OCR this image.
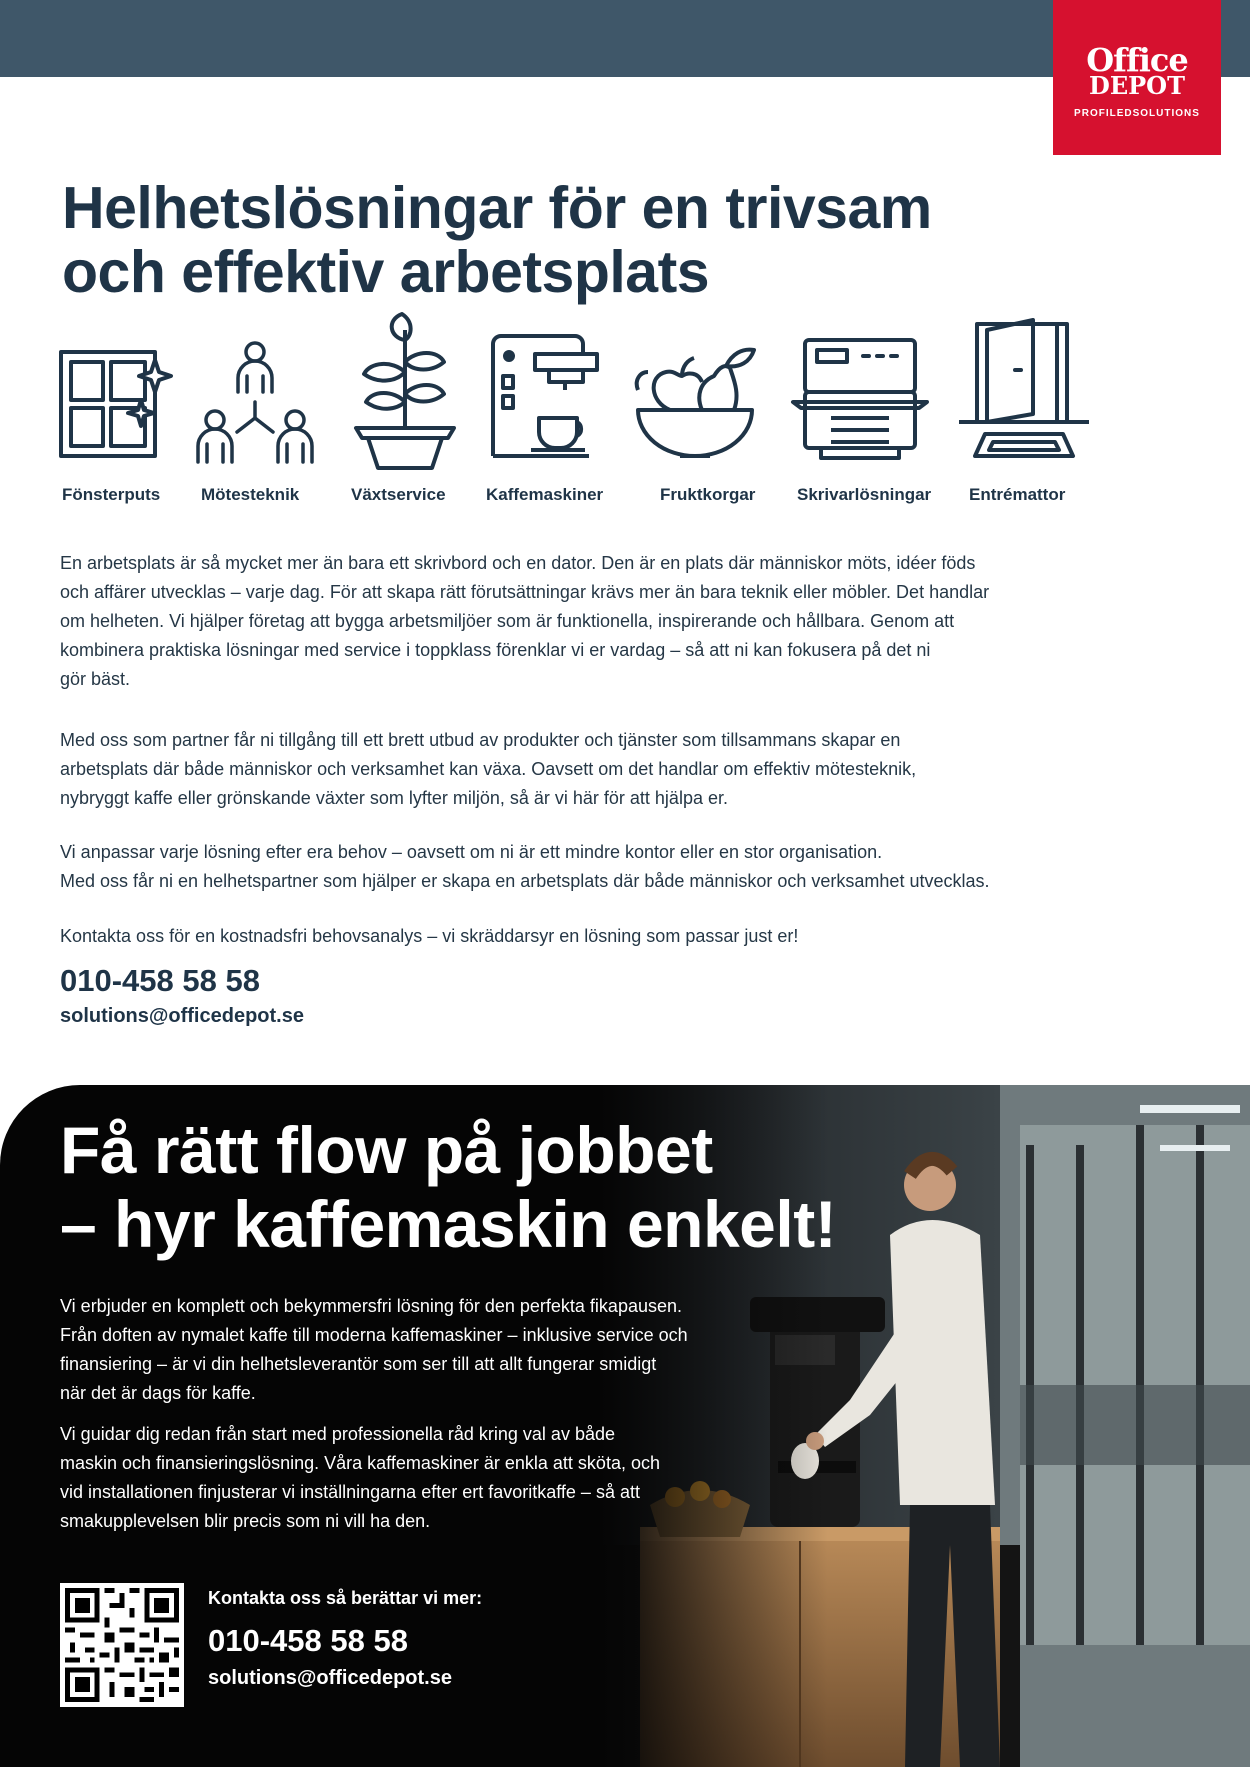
Office
DEPOT
PROFILEDSOLUTIONS
Helhetslösningar för en trivsam
och effektiv arbetsplats
Fönsterputs Mötesteknik	Växtservice Kaffemaskiner	Fruktkorgar Skrivarlösningar Entrémattor

En arbetsplats är så mycket mer än bara ett skrivbord och en dator. Den är en plats där människor möts, idéer föds

och affärer utvecklas – varje dag. För att skapa rätt förutsättningar krävs mer än bara teknik eller möbler. Det handlar

om helheten. Vi hjälper företag att bygga arbetsmiljöer som är funktionella, inspirerande och hållbara. Genom att

kombinera praktiska lösningar med service i toppklass förenklar vi er vardag – så att ni kan fokusera på det ni

gör bäst.

Med oss som partner får ni tillgång till ett brett utbud av produkter och tjänster som tillsammans skapar en

arbetsplats där både människor och verksamhet kan växa. Oavsett om det handlar om effektiv mötesteknik,

nybryggt kaffe eller grönskande växter som lyfter miljön, så är vi här för att hjälpa er.

Vi anpassar varje lösning efter era behov – oavsett om ni är ett mindre kontor eller en stor organisation.

Med oss får ni en helhetspartner som hjälper er skapa en arbetsplats där både människor och verksamhet utvecklas.

Kontakta oss för en kostnadsfri behovsanalys – vi skräddarsyr en lösning som passar just er!

010-458 58 58
solutions@officedepot.se
Få rätt flow på jobbet
– hyr kaffemaskin enkelt!

Vi erbjuder en komplett och bekymmersfri lösning för den perfekta fikapausen.

Från doften av nymalet kaffe till moderna kaffemaskiner – inklusive service och

finansiering – är vi din helhetsleverantör som ser till att allt fungerar smidigt

när det är dags för kaffe.

Vi guidar dig redan från start med professionella råd kring val av både

maskin och finansieringslösning. Våra kaffemaskiner är enkla att sköta, och

vid installationen finjusterar vi inställningarna efter ert favoritkaffe – så att

smakupplevelsen blir precis som ni vill ha den.

Kontakta oss så berättar vi mer:
010-458 58 58
solutions@officedepot.se
